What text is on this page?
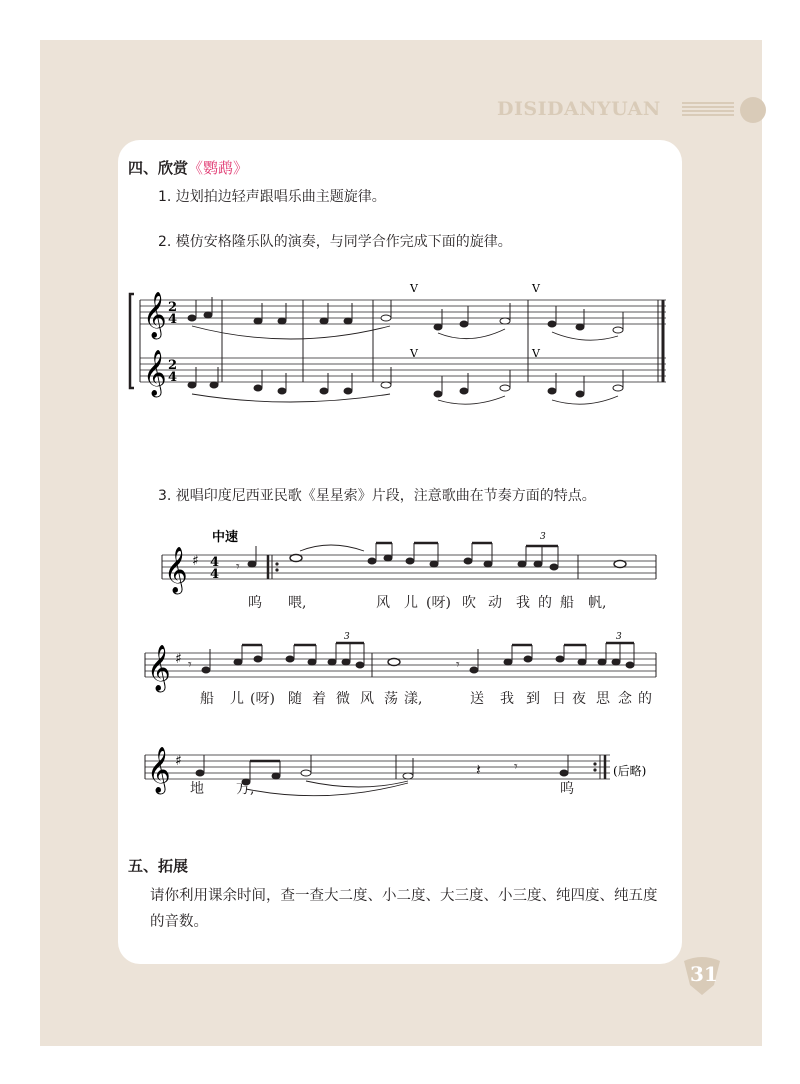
DISIDANYUAN
四、欣赏《鹦鹉》
1. 边划拍边轻声跟唱乐曲主题旋律。
2. 模仿安格隆乐队的演奏，与同学合作完成下面的旋律。
𝄞
𝄞
2
4
2
4
V	V
V	V
3. 视唱印度尼西亚民歌《星星索》片段，注意歌曲在节奏方面的特点。
中速
𝄞 ♯
𝄞 ♯
𝄞 ♯
4
4 𝄾
3
𝄾	𝄾
3	3
𝄽 𝄾	(后略)
呜 喂,	风 儿 (呀) 吹 动 我 的 船 帆,
船 儿 (呀) 随 着 微 风 荡 漾,	送 我 到 日 夜 思 念 的
地 方,	呜
五、拓展
请你利用课余时间，查一查大二度、小二度、大三度、小三度、纯四度、纯五度的音数。
31
